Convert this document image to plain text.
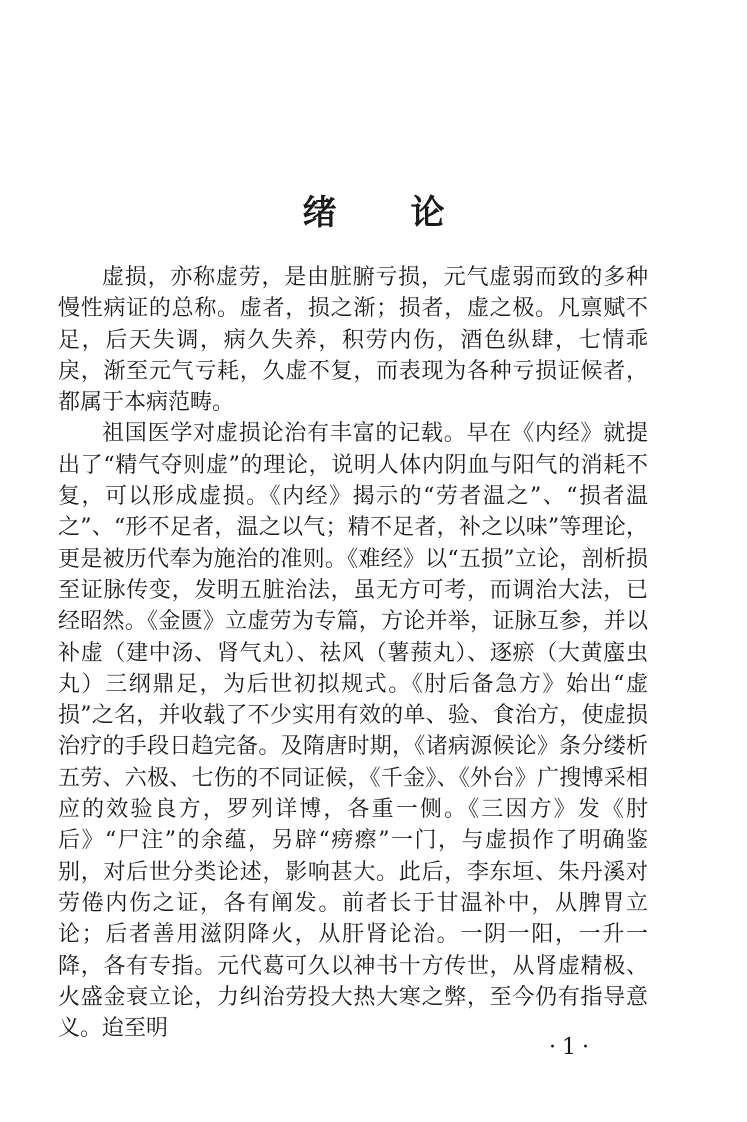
绪论

虚损，亦称虚劳，是由脏腑亏损，元气虚弱而致的多种慢性病证的总称。虚者，损之渐；损者，虚之极。凡禀赋不足，后天失调，病久失养，积劳内伤，酒色纵肆，七情乖戾，渐至元气亏耗，久虚不复，而表现为各种亏损证候者，都属于本病范畴。

祖国医学对虚损论治有丰富的记载。早在《内经》就提出了“精气夺则虚”的理论，说明人体内阴血与阳气的消耗不复，可以形成虚损。《内经》揭示的“劳者温之”、“损者温之”、“形不足者，温之以气；精不足者，补之以味”等理论，更是被历代奉为施治的准则。《难经》以“五损”立论，剖析损至证脉传变，发明五脏治法，虽无方可考，而调治大法，已经昭然。《金匮》立虚劳为专篇，方论并举，证脉互参，并以补虚（建中汤、肾气丸）、祛风（薯蓣丸）、逐瘀（大黄䗪虫丸）三纲鼎足，为后世初拟规式。《肘后备急方》始出“虚损”之名，并收载了不少实用有效的单、验、食治方，使虚损治疗的手段日趋完备。及隋唐时期，《诸病源候论》条分缕析五劳、六极、七伤的不同证候，《千金》、《外台》广搜博采相应的效验良方，罗列详博，各重一侧。《三因方》发《肘后》“尸注”的余蕴，另辟“痨瘵”一门，与虚损作了明确鉴别，对后世分类论述，影响甚大。此后，李东垣、朱丹溪对劳倦内伤之证，各有阐发。前者长于甘温补中，从脾胃立论；后者善用滋阴降火，从肝肾论治。一阴一阳，一升一降，各有专指。元代葛可久以神书十方传世，从肾虚精极、火盛金衰立论，力纠治劳投大热大寒之弊，至今仍有指导意义。迨至明

·1·
